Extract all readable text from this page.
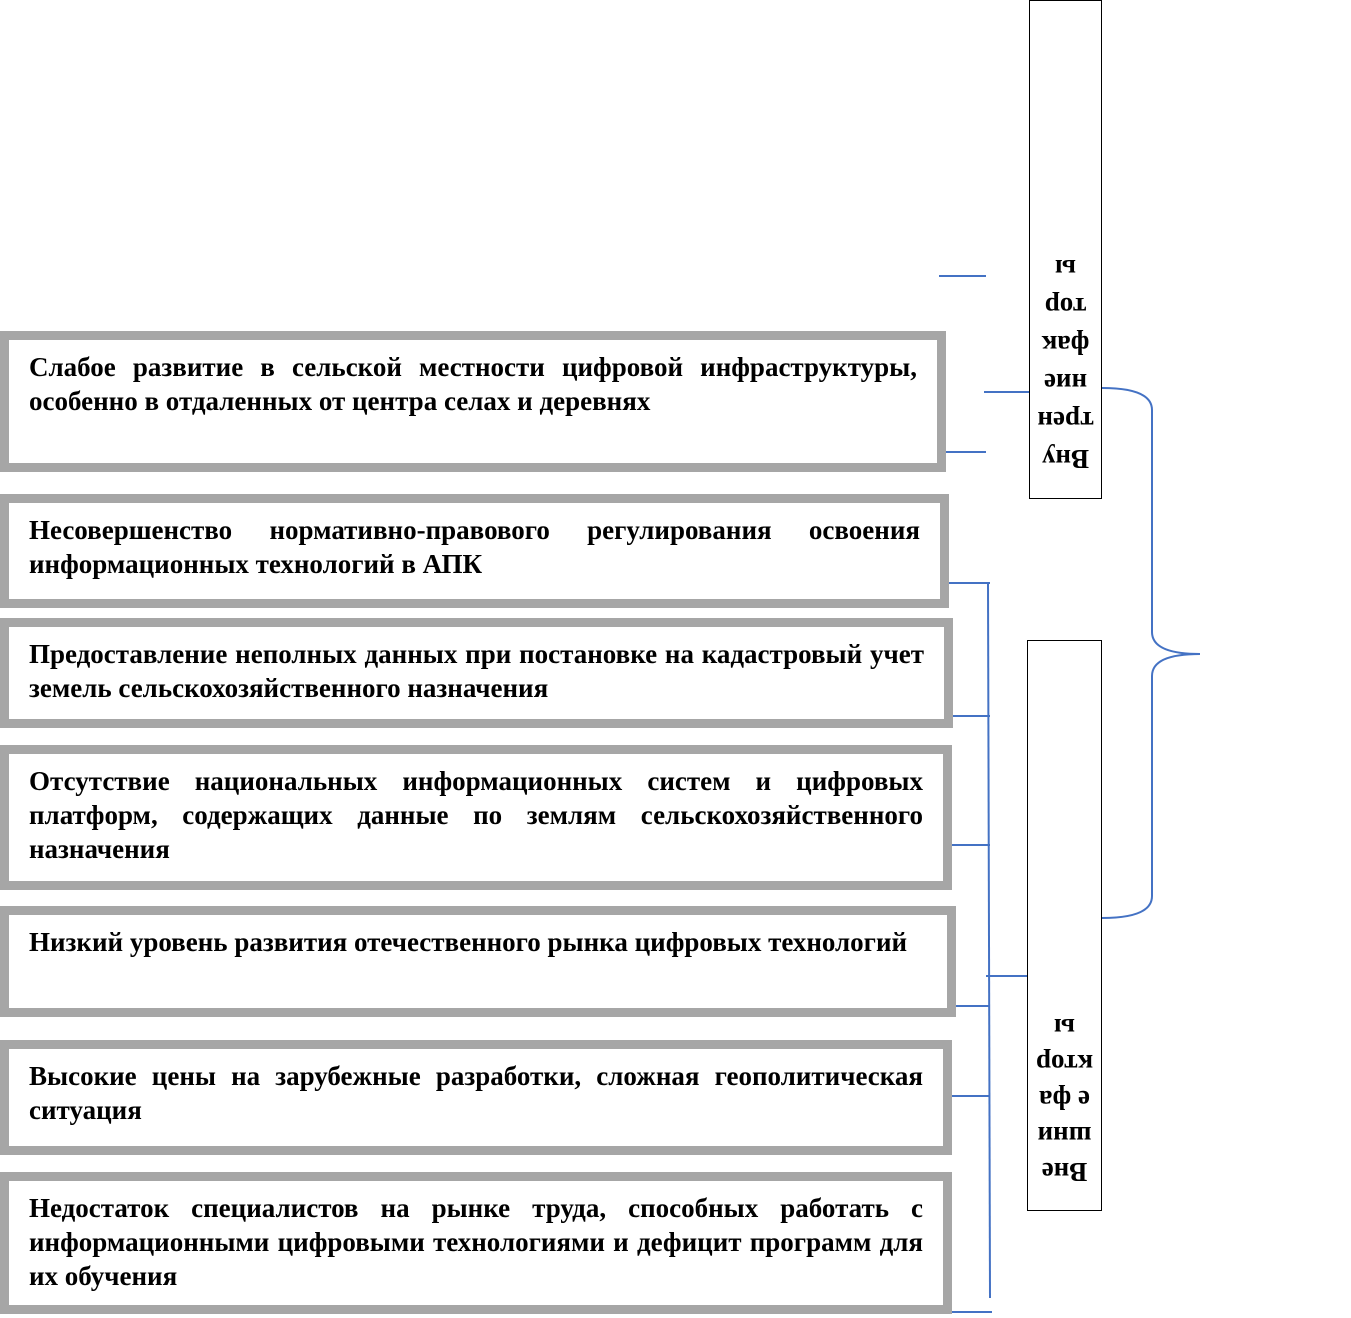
Внутренние факторы
Внешние факторы

Слабое развитие в сельской местности цифровой инфраструктуры, особенно в отдаленных от центра селах и деревнях

Несовершенство нормативно-правового регулирования освоения информационных технологий в АПК

Предоставление неполных данных при постановке на кадастровый учет земель сельскохозяйственного назначения

Отсутствие национальных информационных систем и цифровых платформ, содержащих данные по землям сельскохозяйственного назначения

Низкий уровень развития отечественного рынка цифровых технологий

Высокие цены на зарубежные разработки, сложная геополитическая ситуация

Недостаток специалистов на рынке труда, способных работать с информационными цифровыми технологиями и дефицит программ для их обучения
